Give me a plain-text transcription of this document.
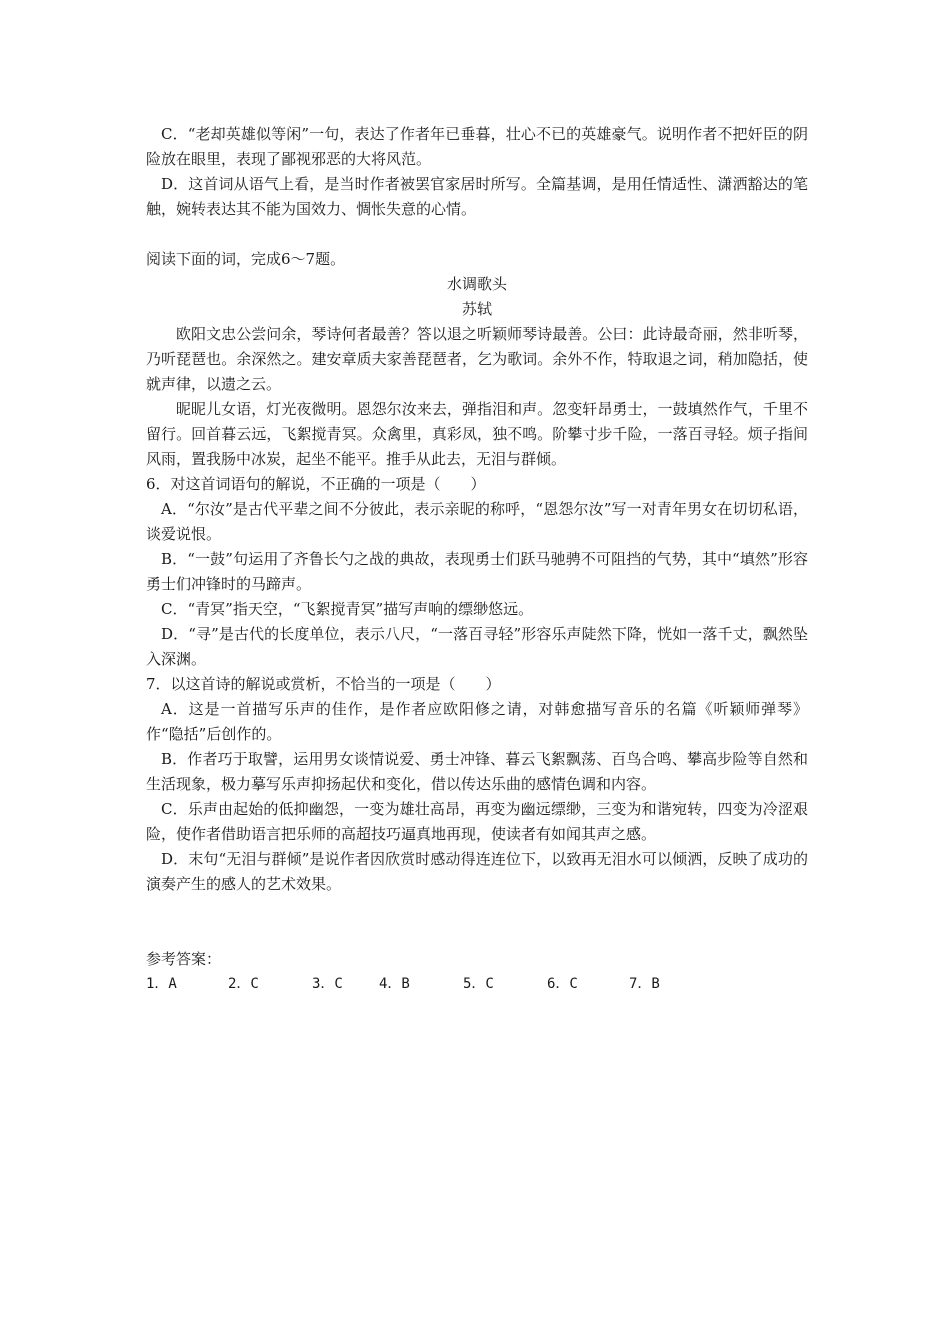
C．“老却英雄似等闲”一句，表达了作者年已垂暮，壮心不已的英雄豪气。说明作者不把奸臣的阴险放在眼里，表现了鄙视邪恶的大将风范。

D．这首词从语气上看，是当时作者被罢官家居时所写。全篇基调，是用任情适性、潇洒豁达的笔触，婉转表达其不能为国效力、惆怅失意的心情。

阅读下面的词，完成6～7题。

水调歌头

苏轼

欧阳文忠公尝问余，琴诗何者最善？答以退之听颖师琴诗最善。公曰：此诗最奇丽，然非听琴，乃听琵琶也。余深然之。建安章质夫家善琵琶者，乞为歌词。余外不作，特取退之词，稍加隐括，使就声律，以遗之云。

昵昵儿女语，灯光夜微明。恩怨尔汝来去，弹指泪和声。忽变轩昂勇士，一鼓填然作气，千里不留行。回首暮云远，飞絮搅青冥。众禽里，真彩凤，独不鸣。阶攀寸步千险，一落百寻轻。烦子指间风雨，置我肠中冰炭，起坐不能平。推手从此去，无泪与群倾。

6．对这首词语句的解说，不正确的一项是（　　）

A．“尔汝”是古代平辈之间不分彼此，表示亲昵的称呼，“恩怨尔汝”写一对青年男女在切切私语，谈爱说恨。

B．“一鼓”句运用了齐鲁长勺之战的典故，表现勇士们跃马驰骋不可阻挡的气势，其中“填然”形容勇士们冲锋时的马蹄声。

C．“青冥”指天空，“飞絮搅青冥”描写声响的缥缈悠远。

D．“寻”是古代的长度单位，表示八尺，“一落百寻轻”形容乐声陡然下降，恍如一落千丈，飘然坠入深渊。

7．以这首诗的解说或赏析，不恰当的一项是（　　）

A．这是一首描写乐声的佳作，是作者应欧阳修之请，对韩愈描写音乐的名篇《听颖师弹琴》作“隐括”后创作的。

B．作者巧于取譬，运用男女谈情说爱、勇士冲锋、暮云飞絮飘荡、百鸟合鸣、攀高步险等自然和生活现象，极力摹写乐声抑扬起伏和变化，借以传达乐曲的感情色调和内容。

C．乐声由起始的低抑幽怨，一变为雄壮高昂，再变为幽远缥缈，三变为和谐宛转，四变为冷涩艰险，使作者借助语言把乐师的高超技巧逼真地再现，使读者有如闻其声之感。

D．末句“无泪与群倾”是说作者因欣赏时感动得连连位下，以致再无泪水可以倾洒，反映了成功的演奏产生的感人的艺术效果。

参考答案：

1．A	2．C	3．C	4．B	5．C	6．C	7．B
